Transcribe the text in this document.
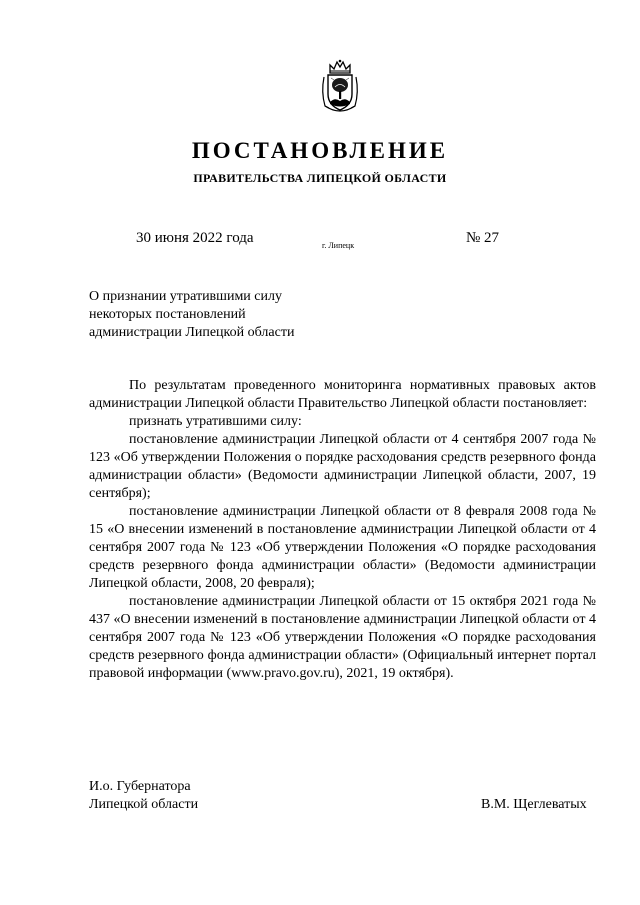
ПОСТАНОВЛЕНИЕ
ПРАВИТЕЛЬСТВА ЛИПЕЦКОЙ ОБЛАСТИ
30 июня 2022 года	г. Липецк	№ 27
О признании утратившими силу
некоторых постановлений
администрации Липецкой области

По результатам проведенного мониторинга нормативных правовых актов администрации Липецкой области Правительство Липецкой области постановляет:

признать утратившими силу:

постановление администрации Липецкой области от 4 сентября 2007 года № 123 «Об утверждении Положения о порядке расходования средств резервного фонда администрации области» (Ведомости администрации Липецкой области, 2007, 19 сентября);

постановление администрации Липецкой области от 8 февраля 2008 года № 15 «О внесении изменений в постановление администрации Липецкой области от 4 сентября 2007 года № 123 «Об утверждении Положения «О порядке расходования средств резервного фонда администрации области» (Ведомости администрации Липецкой области, 2008, 20 февраля);

постановление администрации Липецкой области от 15 октября 2021 года № 437 «О внесении изменений в постановление администрации Липецкой области от 4 сентября 2007 года № 123 «Об утверждении Положения «О порядке расходования средств резервного фонда администрации области» (Официальный интернет портал правовой информации (www.pravo.gov.ru), 2021, 19 октября).

И.о. Губернатора
Липецкой области	В.М. Щеглеватых
